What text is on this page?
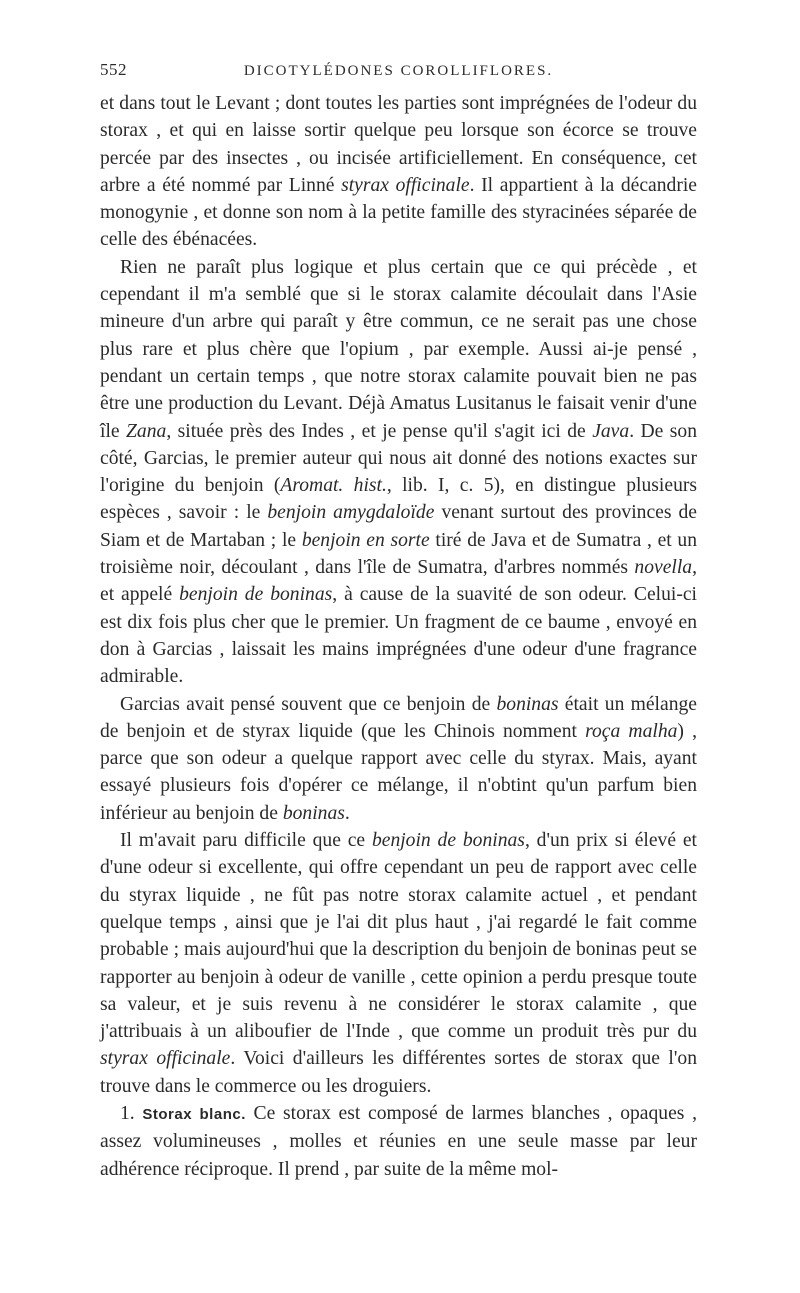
552	DICOTYLÉDONES COROLLIFLORES.

et dans tout le Levant ; dont toutes les parties sont imprégnées de l'odeur du storax , et qui en laisse sortir quelque peu lorsque son écorce se trouve percée par des insectes , ou incisée artificiellement. En conséquence, cet arbre a été nommé par Linné styrax officinale. Il appartient à la décandrie monogynie , et donne son nom à la petite famille des styracinées séparée de celle des ébénacées.

Rien ne paraît plus logique et plus certain que ce qui précède , et cependant il m'a semblé que si le storax calamite découlait dans l'Asie mineure d'un arbre qui paraît y être commun, ce ne serait pas une chose plus rare et plus chère que l'opium , par exemple. Aussi ai-je pensé , pendant un certain temps , que notre storax calamite pouvait bien ne pas être une production du Levant. Déjà Amatus Lusitanus le faisait venir d'une île Zana, située près des Indes , et je pense qu'il s'agit ici de Java. De son côté, Garcias, le premier auteur qui nous ait donné des notions exactes sur l'origine du benjoin (Aromat. hist., lib. I, c. 5), en distingue plusieurs espèces , savoir : le benjoin amygdaloïde venant surtout des provinces de Siam et de Martaban ; le benjoin en sorte tiré de Java et de Sumatra , et un troisième noir, découlant , dans l'île de Sumatra, d'arbres nommés novella, et appelé benjoin de boninas, à cause de la suavité de son odeur. Celui-ci est dix fois plus cher que le premier. Un fragment de ce baume , envoyé en don à Garcias , laissait les mains imprégnées d'une odeur d'une fragrance admirable.

Garcias avait pensé souvent que ce benjoin de boninas était un mélange de benjoin et de styrax liquide (que les Chinois nomment roça malha) , parce que son odeur a quelque rapport avec celle du styrax. Mais, ayant essayé plusieurs fois d'opérer ce mélange, il n'obtint qu'un parfum bien inférieur au benjoin de boninas.

Il m'avait paru difficile que ce benjoin de boninas, d'un prix si élevé et d'une odeur si excellente, qui offre cependant un peu de rapport avec celle du styrax liquide , ne fût pas notre storax calamite actuel , et pendant quelque temps , ainsi que je l'ai dit plus haut , j'ai regardé le fait comme probable ; mais aujourd'hui que la description du benjoin de boninas peut se rapporter au benjoin à odeur de vanille , cette opinion a perdu presque toute sa valeur, et je suis revenu à ne considérer le storax calamite , que j'attribuais à un aliboufier de l'Inde , que comme un produit très pur du styrax officinale. Voici d'ailleurs les différentes sortes de storax que l'on trouve dans le commerce ou les droguiers.

1. Storax blanc. Ce storax est composé de larmes blanches , opaques , assez volumineuses , molles et réunies en une seule masse par leur adhérence réciproque. Il prend , par suite de la même mol-
